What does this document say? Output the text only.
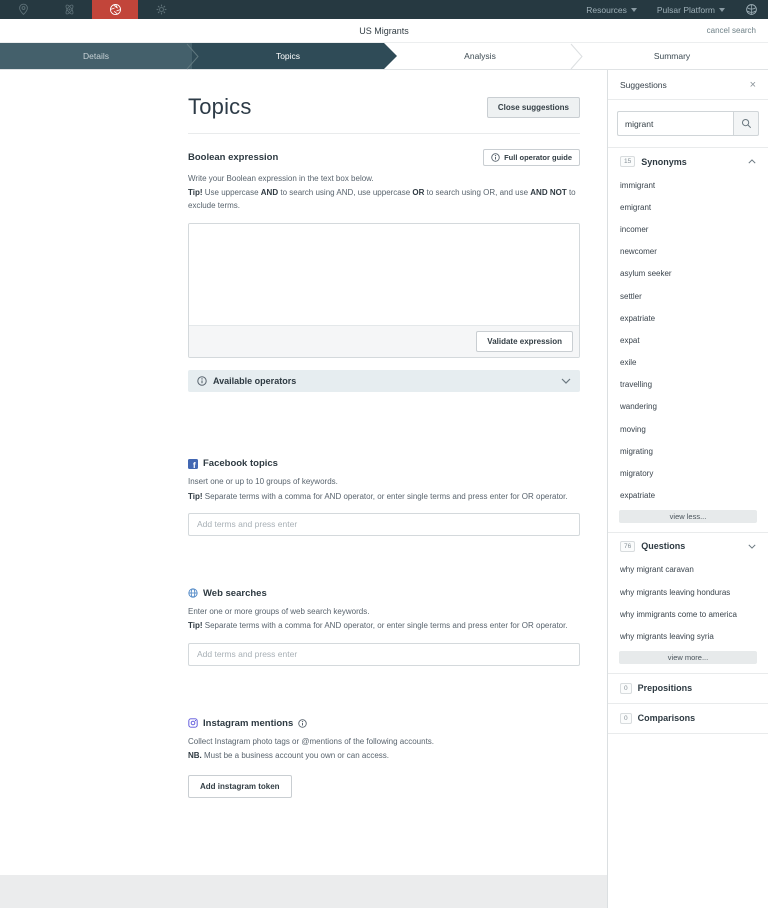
Resources	Pulsar Platform
US Migrants	cancel search
Details	Topics	Analysis	Summary
Topics	Close suggestions
Boolean expression	Full operator guide

Write your Boolean expression in the text box below.

Tip! Use uppercase AND to search using AND, use uppercase OR to search using OR, and use AND NOT to exclude terms.

Validate expression
Available operators
f Facebook topics

Insert one or up to 10 groups of keywords.

Tip! Separate terms with a comma for AND operator, or enter single terms and press enter for OR operator.

Add terms and press enter
Web searches

Enter one or more groups of web search keywords.

Tip! Separate terms with a comma for AND operator, or enter single terms and press enter for OR operator.

Add terms and press enter
Instagram mentions

Collect Instagram photo tags or @mentions of the following accounts.

NB. Must be a business account you own or can access.

Add instagram token
Suggestions	×
migrant
15	Synonyms
immigrant
emigrant
incomer
newcomer
asylum seeker
settler
expatriate
expat
exile
travelling
wandering
moving
migrating
migratory
expatriate
view less...
76	Questions
why migrant caravan
why migrants leaving honduras
why immigrants come to america
why migrants leaving syria
view more...
0	Prepositions
0	Comparisons
